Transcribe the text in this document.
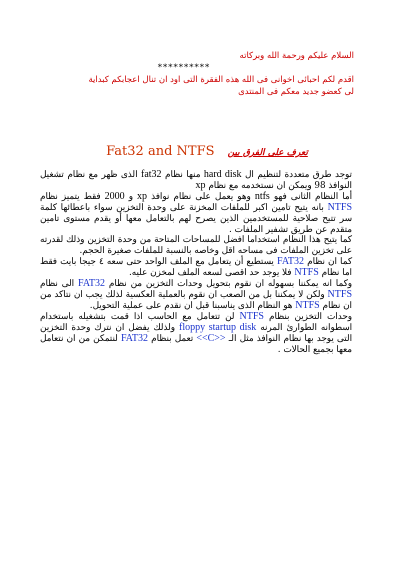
السلام عليكم ورحمة الله وبركاته
**********
اقدم لكم احبائى اخوانى فى الله هذه الفقرة التى اود ان تنال اعجابكم كبداية
لى كعضو جديد معكم فى المنتدى
تعرف على الفرق بين Fat32 and NTFS

توجد طرق متعددة لتنظيم ال hard disk منها نظام fat32 الذى ظهر مع نظام تشغيل النوافذ 98 ويمكن ان نستخدمه مع نظام xp

أما النظام الثانى فهو ntfs وهو يعمل على نظام نوافذ xp و 2000 فقط يتميز نظام NTFS بانه يتيح تامين اكبر للملفات المخزنة على وحدة التخزين سواء باعطائها كلمة سر تتيح صلاحية للمستخدمين الذين يصرح لهم بالتعامل معها أو يقدم مستوى تامين متقدم عن طريق تشفير الملفات .

كما يتيح هذا النظام استخداما افضل للمساحات المتاحة من وحدة التخزين وذلك لقدرته على تخزين الملفات فى مساحه اقل وخاصه بالنسبة للملفات صغيرة الحجم.

كما ان نظام FAT32 يستطيع أن يتعامل مع الملف الواحد حتى سعه ٤ جيجا بايت فقط اما نظام NTFS فلا يوجد حد اقصى لسعه الملف لمخزن عليه.

وكما انه يمكننا بسهوله ان نقوم بتحويل وحدات التخزين من نظام FAT32 الى نظام NTFS ولكن لا يمكننا بل من الصعب ان نقوم بالعملية العكسية لذلك يجب ان نتاكد من ان نظام NTFS هو النظام الذى يناسبنا قبل ان نقدم على عملية التحويل.

وحدات التخزين بنظام NTFS لن تتعامل مع الحاسب اذا قمت بتشغيله باستخدام اسطوانه الطوارئ المرنه floppy startup disk ولذلك يفضل ان نترك وحدة التخزين التى يوجد بها نظام النوافذ مثل الـ <<C>> تعمل بنظام FAT32 لنتمكن من ان نتعامل معها بجميع الحالات .
